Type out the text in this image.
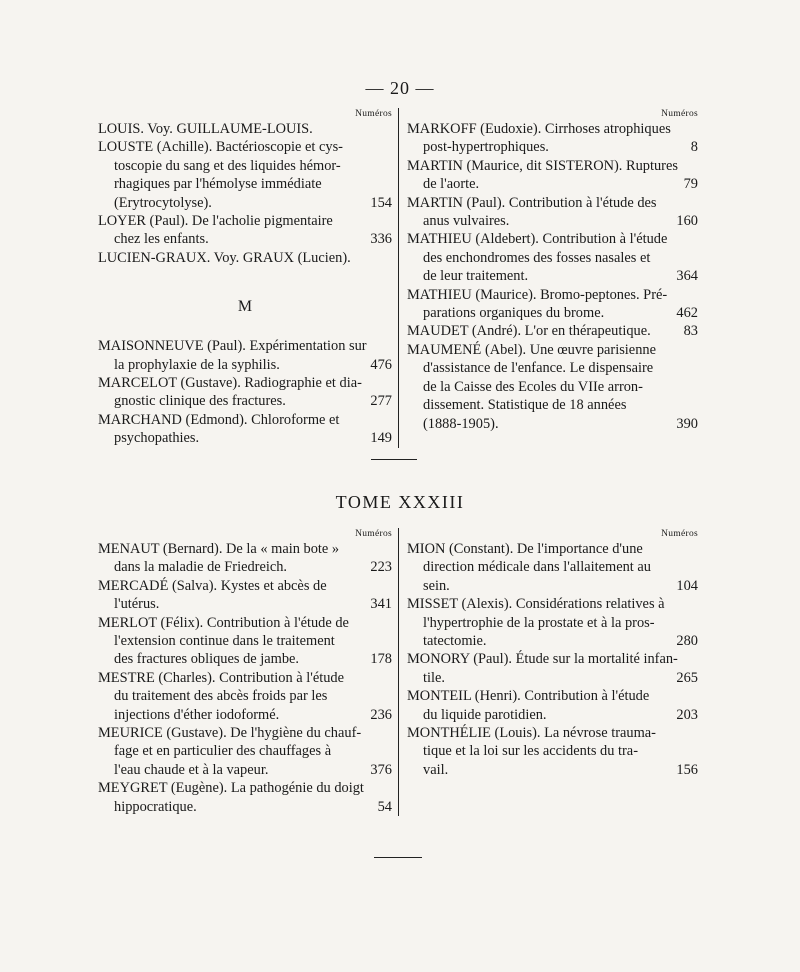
— 20 —
Numéros
LOUIS. Voy. GUILLAUME-LOUIS.
LOUSTE (Achille). Bactérioscopie et cys-
toscopie du sang et des liquides hémor-
rhagiques par l'hémolyse immédiate
(Erytrocytolyse).	154
LOYER (Paul). De l'acholie pigmentaire
chez les enfants.	336
LUCIEN-GRAUX. Voy. GRAUX (Lucien).
M
MAISONNEUVE (Paul). Expérimentation sur
la prophylaxie de la syphilis.	476
MARCELOT (Gustave). Radiographie et dia-
gnostic clinique des fractures.	277
MARCHAND (Edmond). Chloroforme et
psychopathies.	149
Numéros
MARKOFF (Eudoxie). Cirrhoses atrophiques
post-hypertrophiques.	8
MARTIN (Maurice, dit SISTERON). Ruptures
de l'aorte.	79
MARTIN (Paul). Contribution à l'étude des
anus vulvaires.	160
MATHIEU (Aldebert). Contribution à l'étude
des enchondromes des fosses nasales et
de leur traitement.	364
MATHIEU (Maurice). Bromo-peptones. Pré-
parations organiques du brome.	462
MAUDET (André). L'or en thérapeutique.	83
MAUMENÉ (Abel). Une œuvre parisienne
d'assistance de l'enfance. Le dispensaire
de la Caisse des Ecoles du VIIe arron-
dissement. Statistique de 18 années
(1888-1905).	390
TOME XXXIII
Numéros
MENAUT (Bernard). De la « main bote »
dans la maladie de Friedreich.	223
MERCADÉ (Salva). Kystes et abcès de
l'utérus.	341
MERLOT (Félix). Contribution à l'étude de
l'extension continue dans le traitement
des fractures obliques de jambe.	178
MESTRE (Charles). Contribution à l'étude
du traitement des abcès froids par les
injections d'éther iodoformé.	236
MEURICE (Gustave). De l'hygiène du chauf-
fage et en particulier des chauffages à
l'eau chaude et à la vapeur.	376
MEYGRET (Eugène). La pathogénie du doigt
hippocratique.	54
Numéros
MION (Constant). De l'importance d'une
direction médicale dans l'allaitement au
sein.	104
MISSET (Alexis). Considérations relatives à
l'hypertrophie de la prostate et à la pros-
tatectomie.	280
MONORY (Paul). Étude sur la mortalité infan-
tile.	265
MONTEIL (Henri). Contribution à l'étude
du liquide parotidien.	203
MONTHÉLIE (Louis). La névrose trauma-
tique et la loi sur les accidents du tra-
vail.	156
